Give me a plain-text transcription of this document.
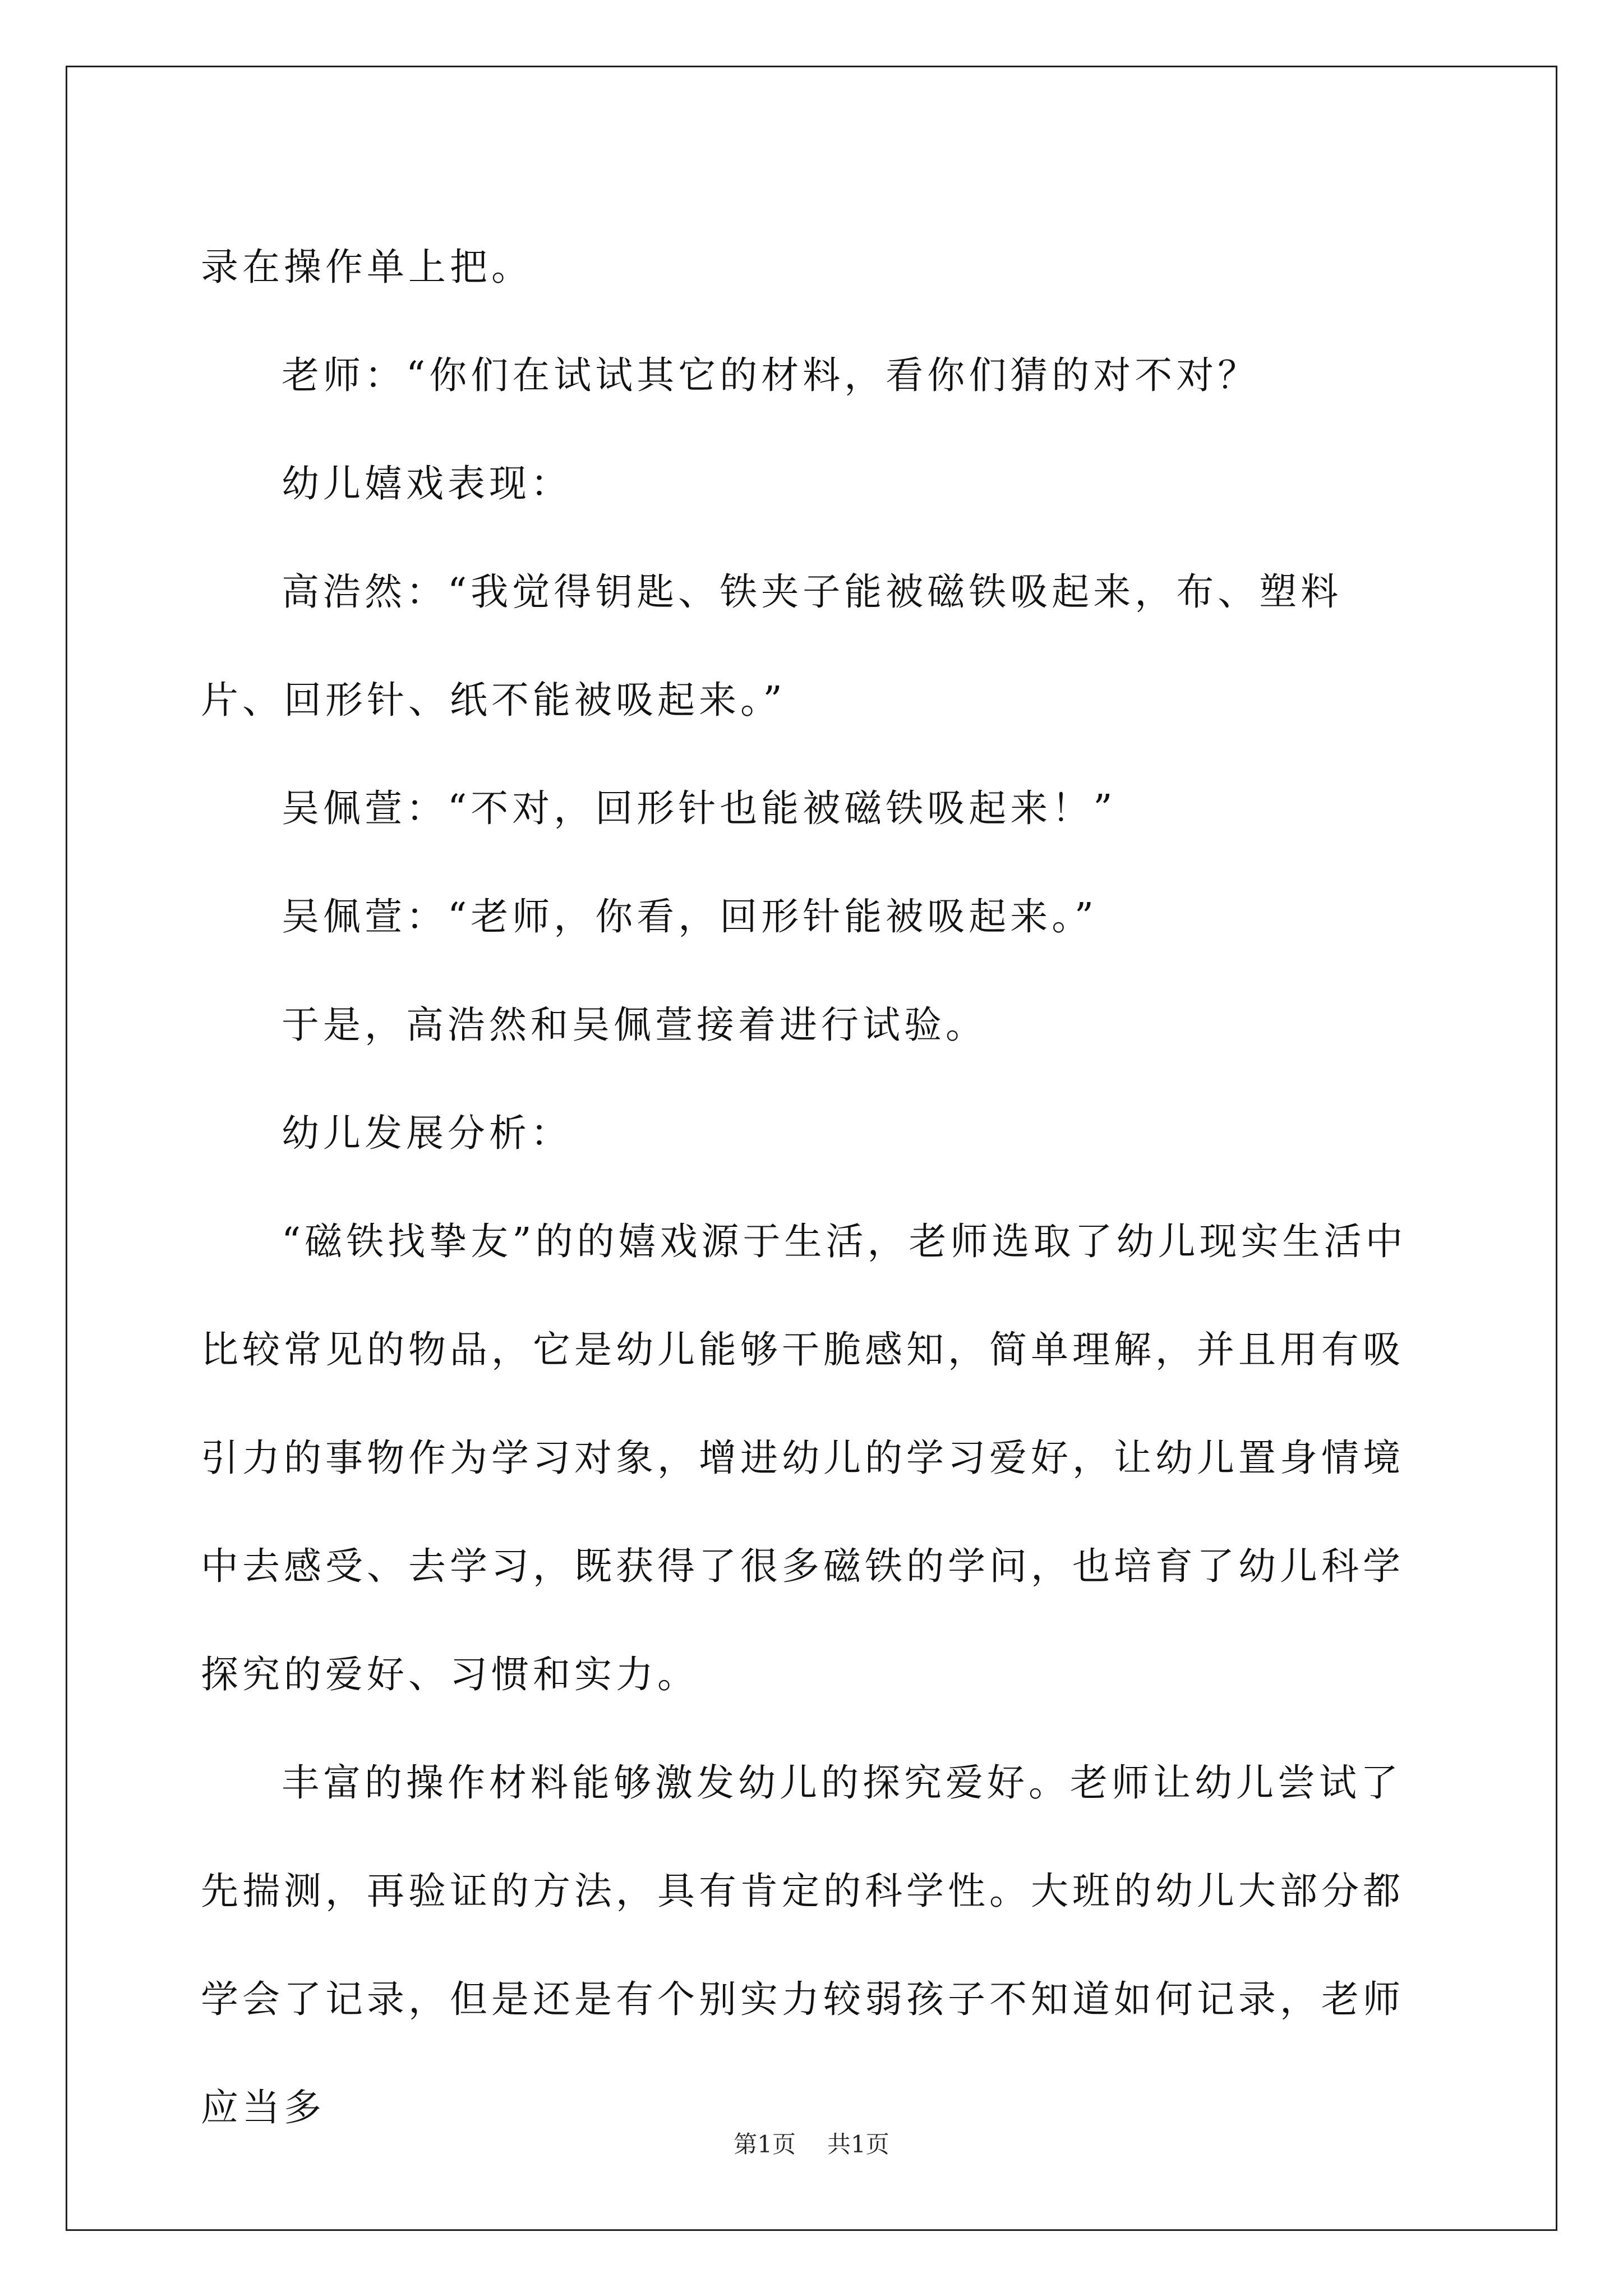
录在操作单上把。

老师：“你们在试试其它的材料，看你们猜的对不对？

幼儿嬉戏表现：

高浩然：“我觉得钥匙、铁夹子能被磁铁吸起来，布、塑料片、回形针、纸不能被吸起来。”

吴佩萱：“不对，回形针也能被磁铁吸起来！”

吴佩萱：“老师，你看，回形针能被吸起来。”

于是，高浩然和吴佩萱接着进行试验。

幼儿发展分析：

“磁铁找挚友”的的嬉戏源于生活，老师选取了幼儿现实生活中比较常见的物品，它是幼儿能够干脆感知，简单理解，并且用有吸引力的事物作为学习对象，增进幼儿的学习爱好，让幼儿置身情境中去感受、去学习，既获得了很多磁铁的学问，也培育了幼儿科学探究的爱好、习惯和实力。

丰富的操作材料能够激发幼儿的探究爱好。老师让幼儿尝试了先揣测，再验证的方法，具有肯定的科学性。大班的幼儿大部分都学会了记录，但是还是有个别实力较弱孩子不知道如何记录，老师应当多

第1页 共1页
